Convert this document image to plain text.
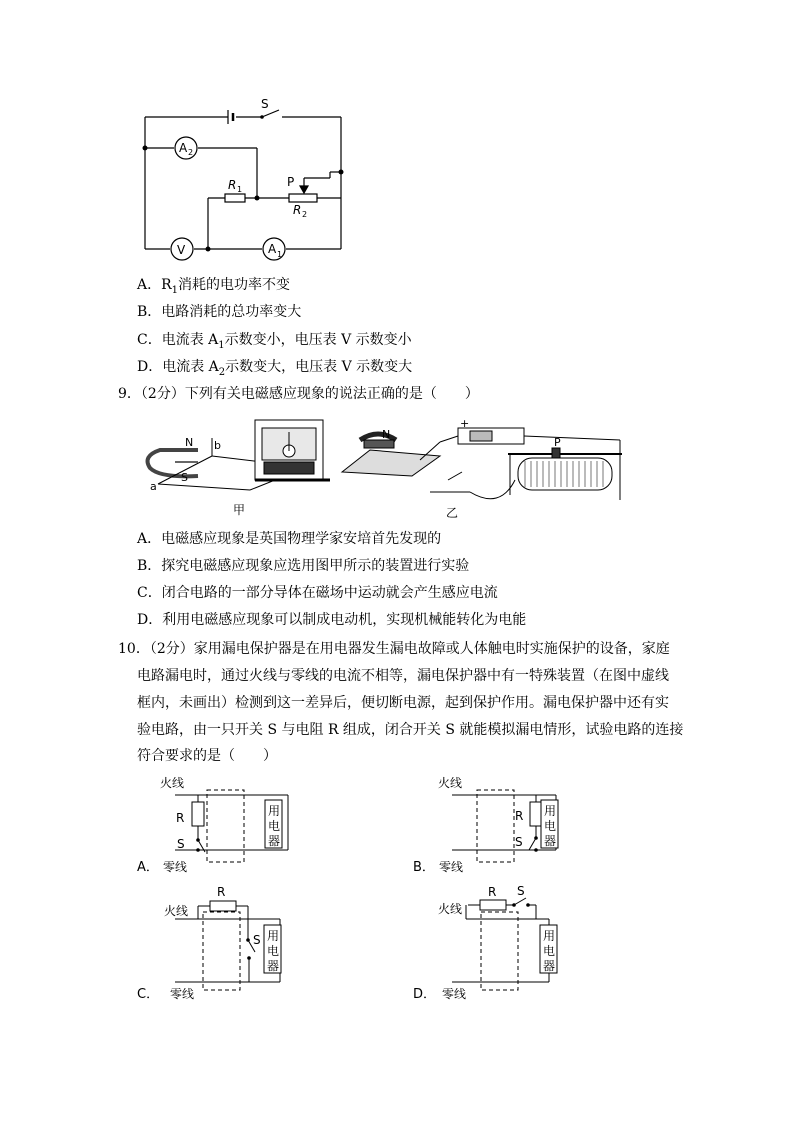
S
A 2
R 1
P
R 2
V	A 1
A．$R_1$消耗的电功率不变
B．电路消耗的总功率变大
C．电流表 $A_1$示数变小，电压表 V 示数变小
D．电流表 $A_2$示数变大，电压表 V 示数变大
9．（2分）下列有关电磁感应现象的说法正确的是（　　）
N b
S
a
甲
N
+
P
乙
A．电磁感应现象是英国物理学家安培首先发现的
B．探究电磁感应现象应选用图甲所示的装置进行实验
C．闭合电路的一部分导体在磁场中运动就会产生感应电流
D．利用电磁感应现象可以制成电动机，实现机械能转化为电能
10．（2分）家用漏电保护器是在用电器发生漏电故障或人体触电时实施保护的设备，家庭
电路漏电时，通过火线与零线的电流不相等，漏电保护器中有一特殊装置（在图中虚线
框内，未画出）检测到这一差异后，便切断电源，起到保护作用。漏电保护器中还有实
验电路，由一只开关 S 与电阻 R 组成，闭合开关 S 就能模拟漏电情形，试验电路的连接
符合要求的是（　　）
火线
R
S
用
电
器
A． 零线
火线
R
S
用
电
器
B． 零线
火线
R
S 用
电
器
C． 零线
火线
R S
用
电
器
D． 零线
